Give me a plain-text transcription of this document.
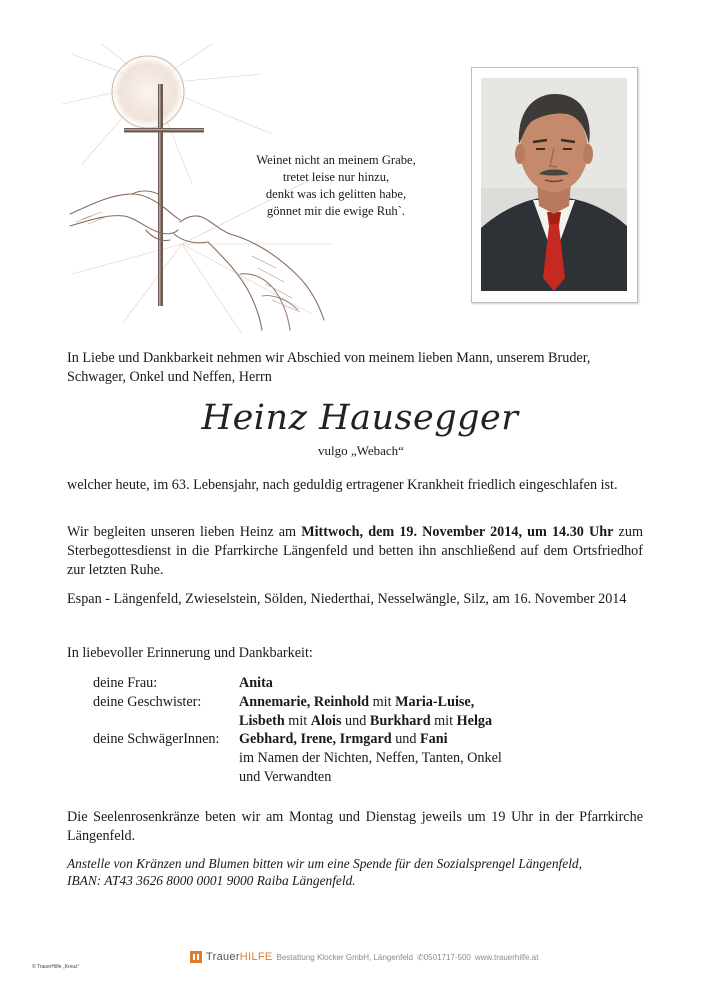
Weinet nicht an meinem Grabe,
tretet leise nur hinzu,
denkt was ich gelitten habe,
gönnet mir die ewige Ruh`.
In Liebe und Dankbarkeit nehmen wir Abschied von meinem lieben Mann, unserem Bruder, Schwager, Onkel und Neffen, Herrn
Heinz Hausegger
vulgo „Webach“
welcher heute, im 63. Lebensjahr, nach geduldig ertragener Krankheit friedlich eingeschlafen ist.
Wir begleiten unseren lieben Heinz am Mittwoch, dem 19. November 2014, um 14.30 Uhr zum Sterbegottesdienst in die Pfarrkirche Längenfeld und betten ihn anschließend auf dem Ortsfriedhof zur letzten Ruhe.
Espan - Längenfeld, Zwieselstein, Sölden, Niederthai, Nesselwängle, Silz, am 16. November 2014
In liebevoller Erinnerung und Dankbarkeit:
deine Frau:	Anita
deine Geschwister:	Annemarie, Reinhold mit Maria-Luise,
Lisbeth mit Alois und Burkhard mit Helga
deine SchwägerInnen:	Gebhard, Irene, Irmgard und Fani
im Namen der Nichten, Neffen, Tanten, Onkel
und Verwandten
Die Seelenrosenkränze beten wir am Montag und Dienstag jeweils um 19 Uhr in der Pfarrkirche Längenfeld.
Anstelle von Kränzen und Blumen bitten wir um eine Spende für den Sozialsprengel Längenfeld,
IBAN: AT43 3626 8000 0001 9000 Raiba Längenfeld.
TrauerHILFE Bestattung Klocker GmbH, Längenfeld ✆0501717-500 www.trauerhilfe.at
© TrauerHilfe „Kreuz“
